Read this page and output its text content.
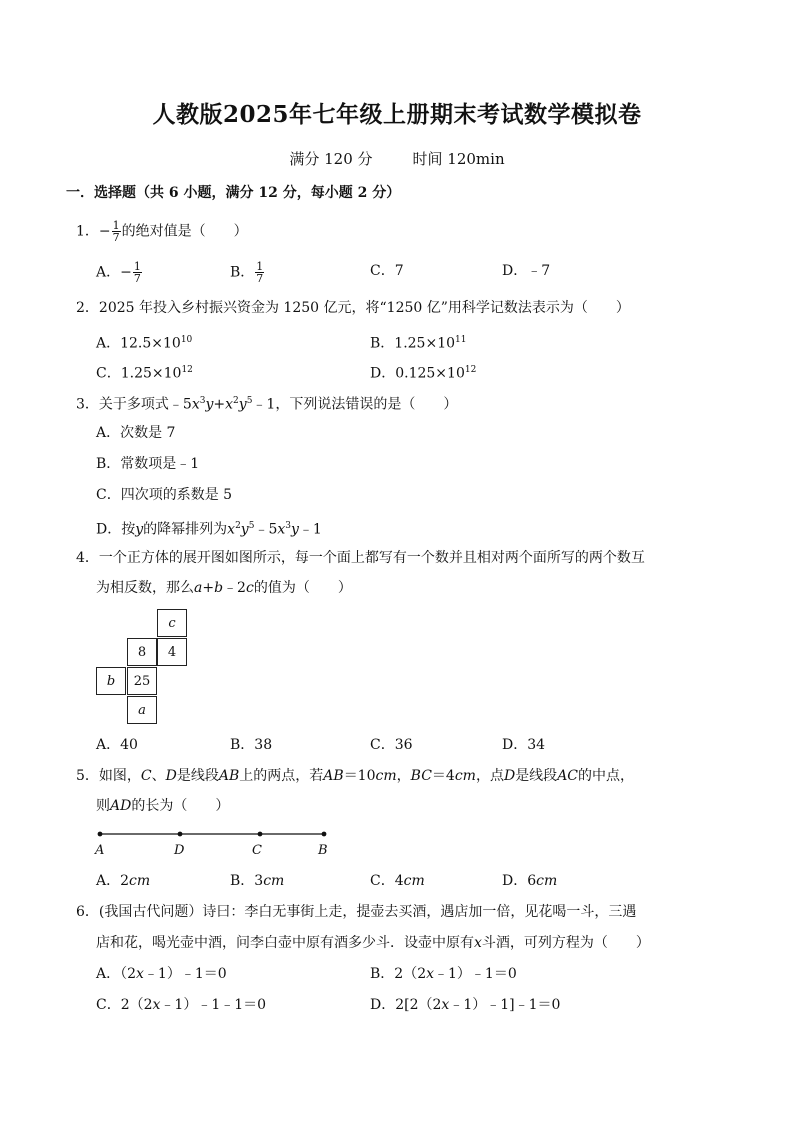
人教版2025年七年级上册期末考试数学模拟卷
满分 120 分	时间 120min
一．选择题（共 6 小题，满分 12 分，每小题 2 分）
1．− $\frac{1}{7}$ 的绝对值是（　　）
A．− $\frac{1}{7}$	B． $\frac{1}{7}$	C．7	D．﹣7
2．2025 年投入乡村振兴资金为 1250 亿元，将“1250 亿”用科学记数法表示为（　　）
A．$12.5\times 10^{10}$	B．$1.25\times 10^{11}$
C．$1.25\times 10^{12}$	D．$0.125\times 10^{12}$
3．关于多项式$﹣5x^3y+x^2y^5﹣1$，下列说法错误的是（　　）
A．次数是 7
B．常数项是﹣1
C．四次项的系数是 5
D．按y的降幂排列为$x^2y^5﹣5x^3y﹣1$
4．一个正方体的展开图如图所示，每一个面上都写有一个数并且相对两个面所写的两个数互
为相反数，那么a+b﹣2c的值为（　　）
c
8	4
b	25
a
A．40	B．38	C．36	D．34
5．如图，C、D是线段AB上的两点，若AB＝10cm，BC＝4cm，点D是线段AC的中点，
则AD的长为（　　）
A	D	C	B
A．2cm	B．3cm	C．4cm	D．6cm
6．(我国古代问题）诗曰：李白无事街上走，提壶去买酒，遇店加一倍，见花喝一斗，三遇
店和花，喝光壶中酒，问李白壶中原有酒多少斗．设壶中原有x斗酒，可列方程为（　　）
A．（2x﹣1）﹣1＝0	B．2（2x﹣1）﹣1＝0
C．2（2x﹣1）﹣1﹣1＝0	D．2[2（2x﹣1）﹣1]﹣1＝0
